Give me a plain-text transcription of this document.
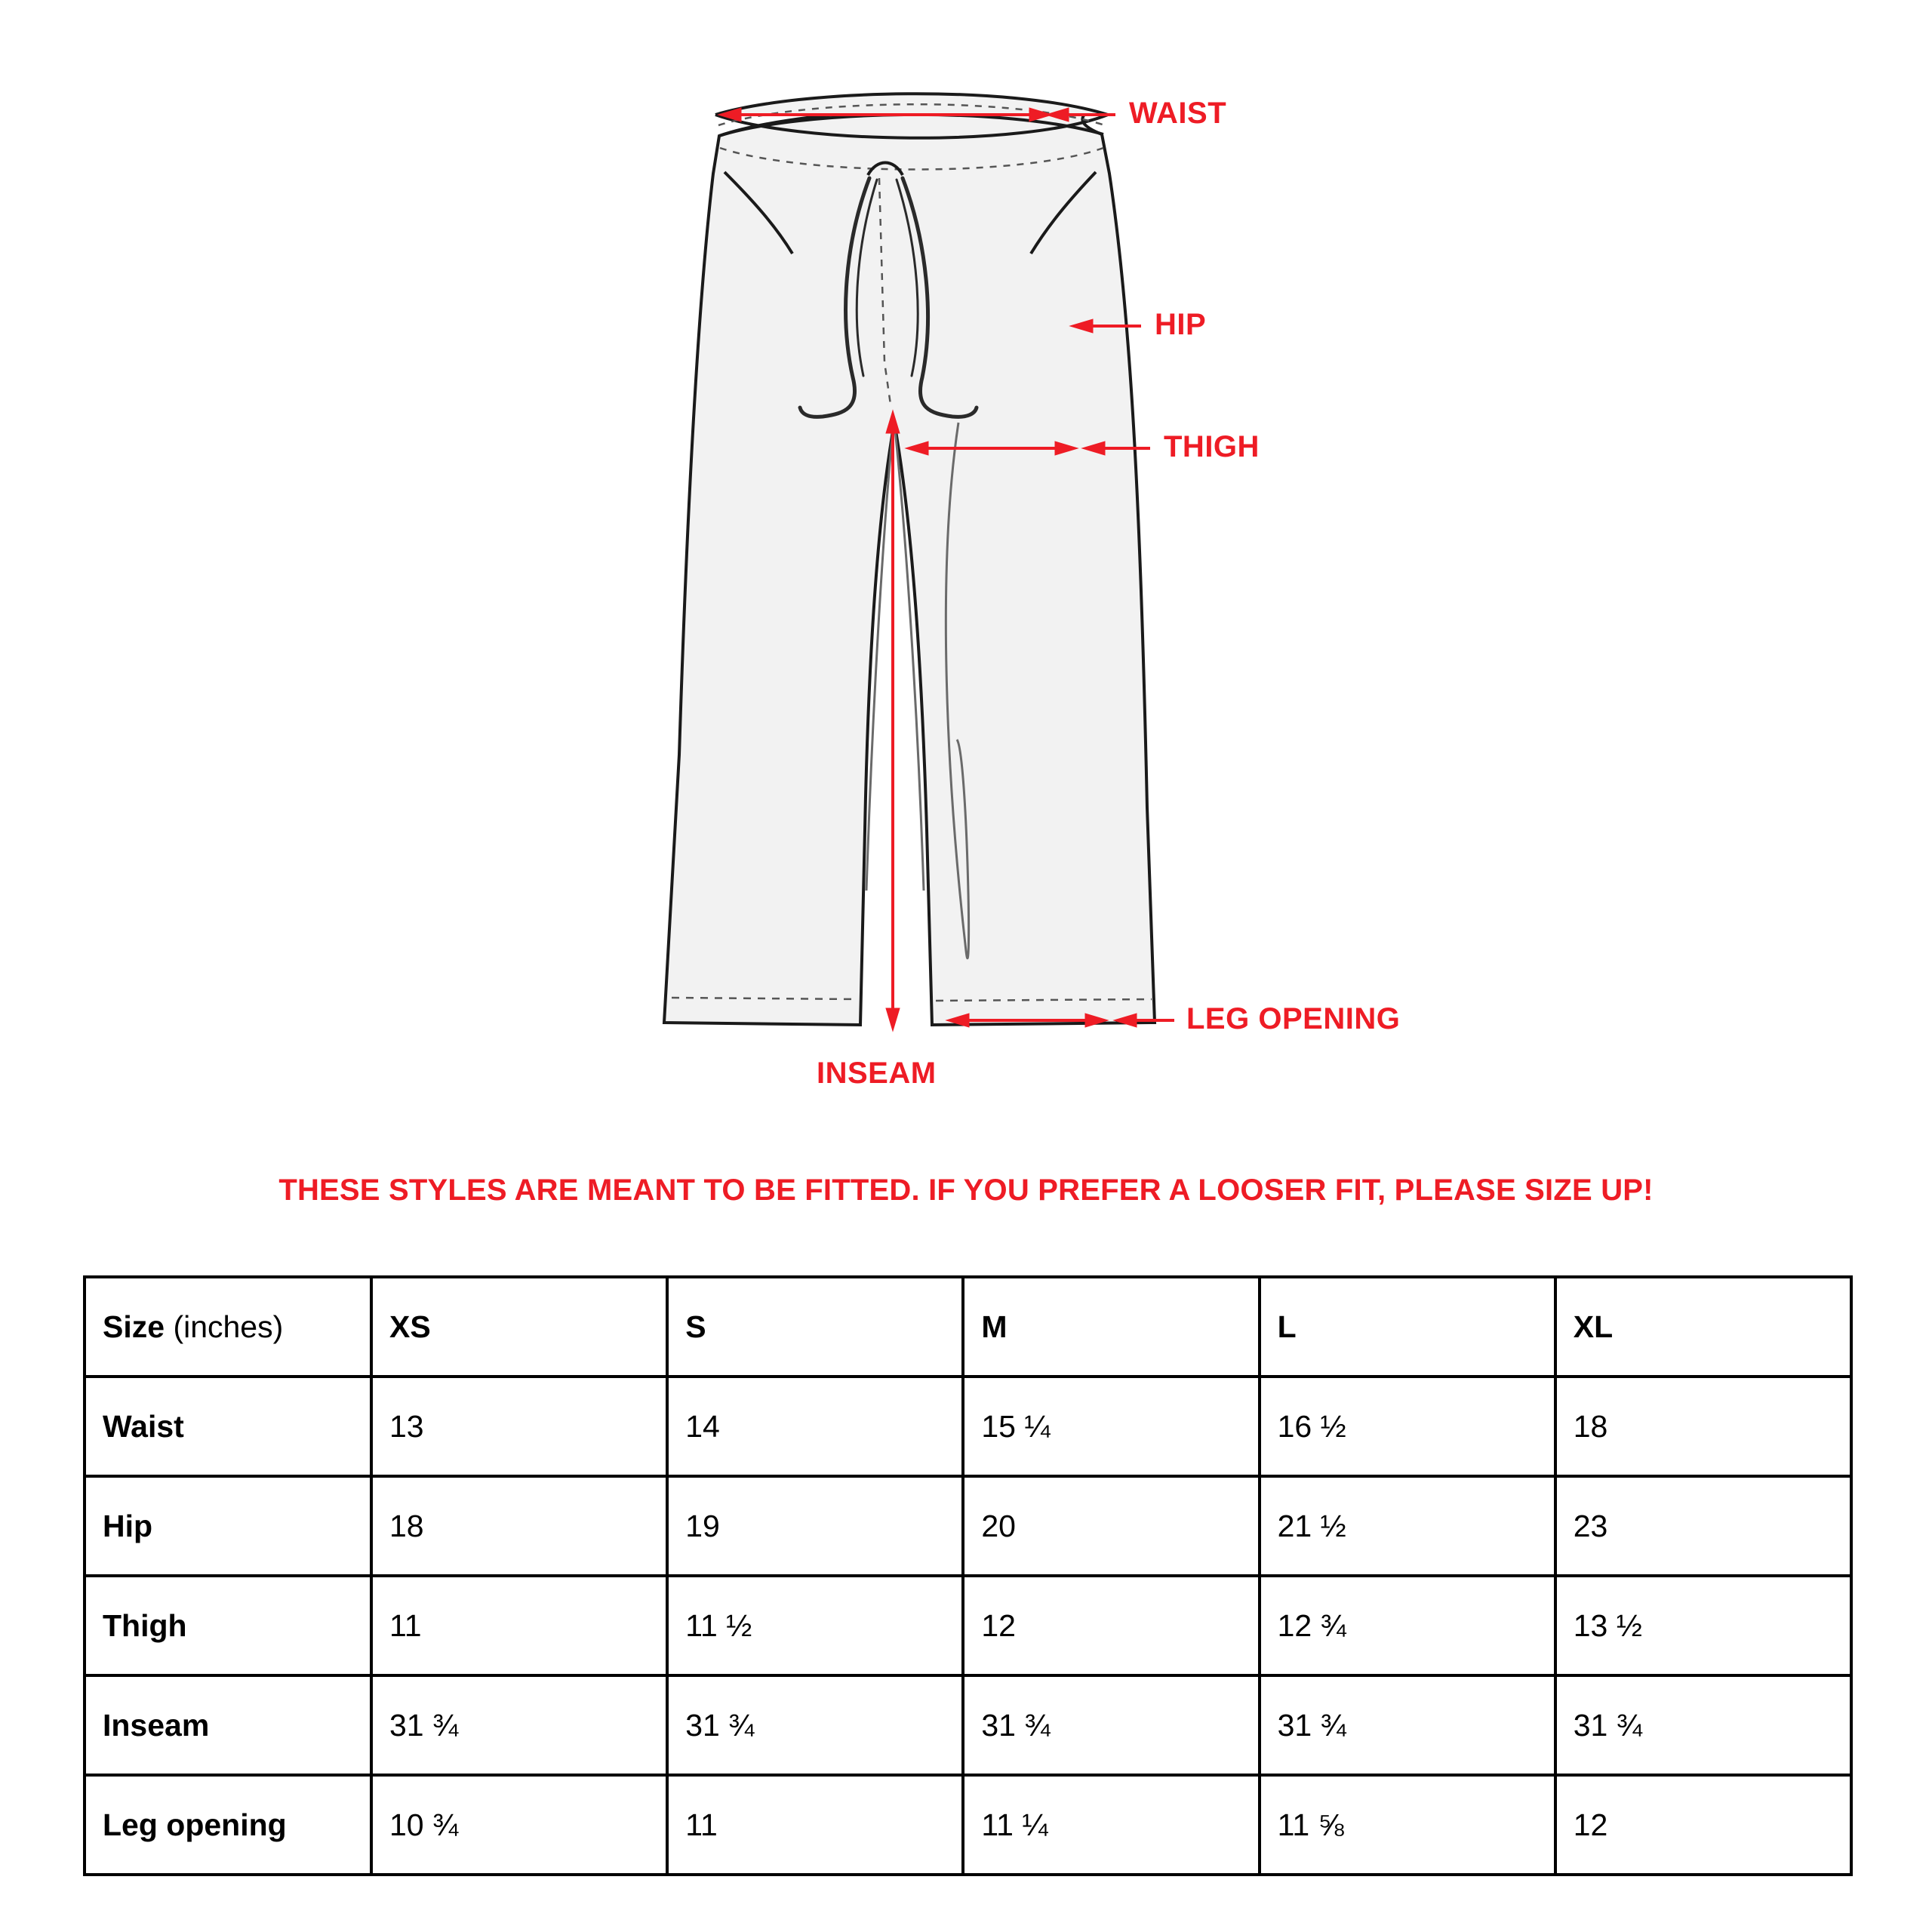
WAIST
HIP
THIGH
INSEAM
LEG OPENING
THESE STYLES ARE MEANT TO BE FITTED. IF YOU PREFER A LOOSER FIT, PLEASE SIZE UP!
Size (inches)	XS	S	M	L	XL
Waist	13	14	15 ¼	16 ½	18
Hip	18	19	20	21 ½	23
Thigh	11	11 ½	12	12 ¾	13 ½
Inseam	31 ¾	31 ¾	31 ¾	31 ¾	31 ¾
Leg opening	10 ¾	11	11 ¼	11 ⅝	12
